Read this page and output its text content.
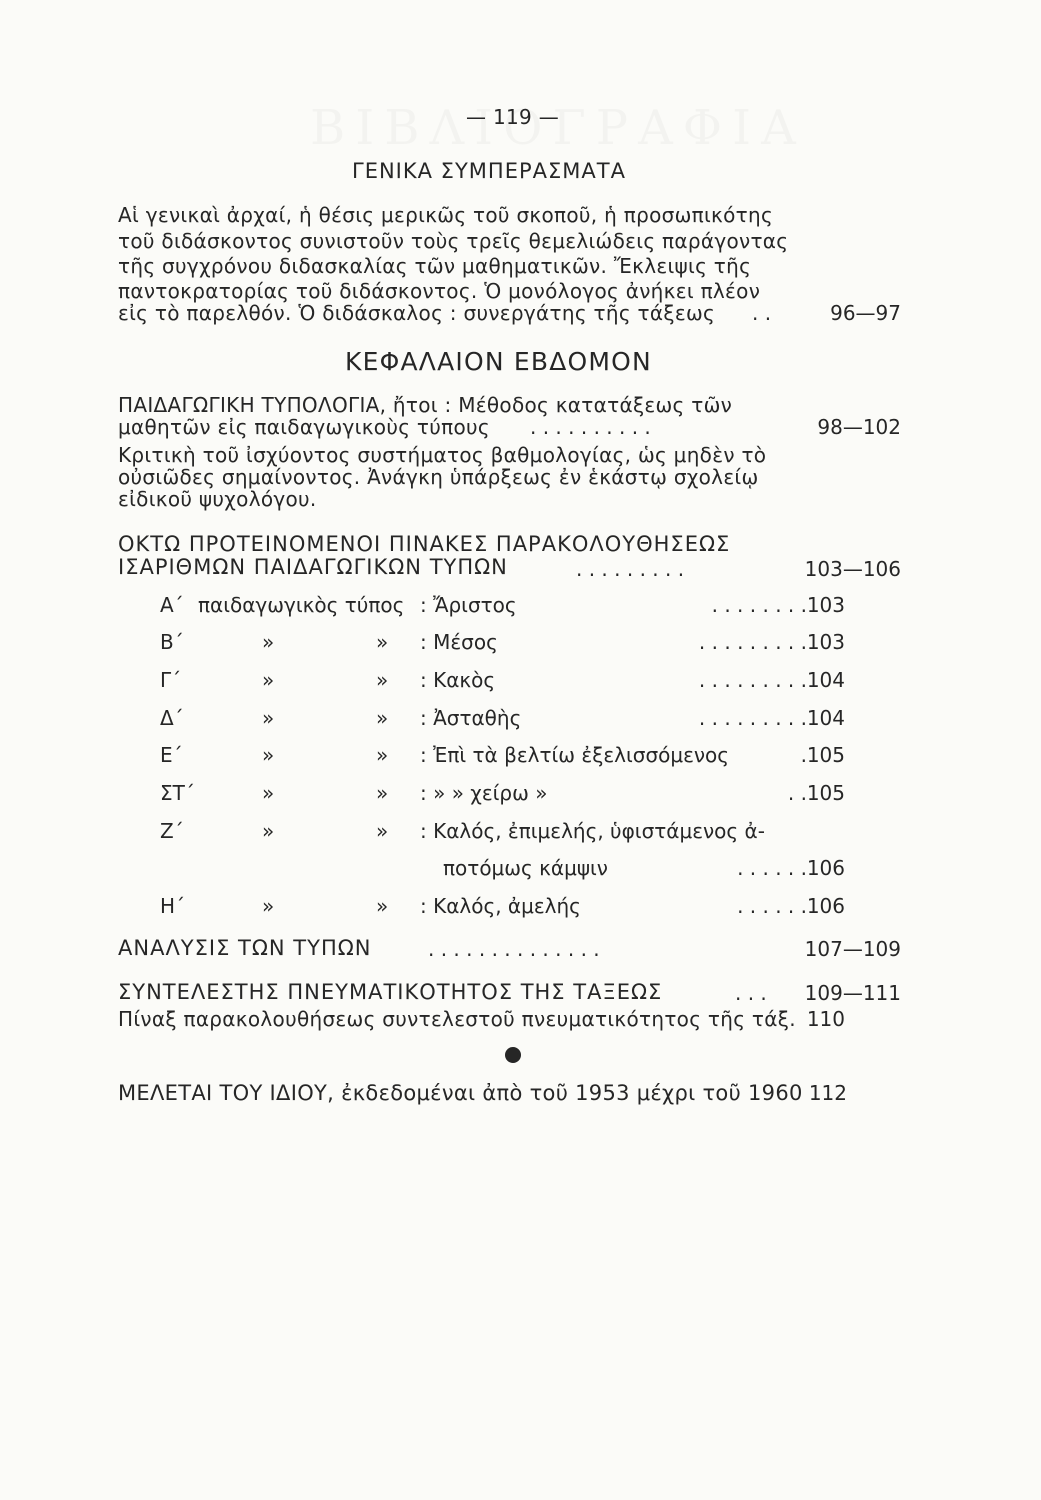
— 119 —
ΓΕΝΙΚΑ ΣΥΜΠΕΡΑΣΜΑΤΑ
Αἱ γενικαὶ ἀρχαί, ἡ θέσις μερικῶς τοῦ σκοποῦ, ἡ προσωπικότης
τοῦ διδάσκοντος συνιστοῦν τοὺς τρεῖς θεμελιώδεις παράγοντας
τῆς συγχρόνου διδασκαλίας τῶν μαθηματικῶν. Ἔκλειψις τῆς
παντοκρατορίας τοῦ διδάσκοντος. Ὁ μονόλογος ἀνήκει πλέον
εἰς τὸ παρελθόν. Ὁ διδάσκαλος : συνεργάτης τῆς τάξεως . .	96—97
ΚΕΦΑΛΑΙΟΝ ΕΒΔΟΜΟΝ
ΠΑΙΔΑΓΩΓΙΚΗ ΤΥΠΟΛΟΓΙΑ, ἤτοι : Μέθοδος κατατάξεως τῶν
μαθητῶν εἰς παιδαγωγικοὺς τύπους . . . . . . . . . .	98—102
Κριτικὴ τοῦ ἰσχύοντος συστήματος βαθμολογίας, ὡς μηδὲν τὸ
οὐσιῶδες σημαίνοντος. Ἀνάγκη ὑπάρξεως ἐν ἑκάστῳ σχολείῳ
εἰδικοῦ ψυχολόγου.
ΟΚΤΩ ΠΡΟΤΕΙΝΟΜΕΝΟΙ ΠΙΝΑΚΕΣ ΠΑΡΑΚΟΛΟΥΘΗΣΕΩΣ
ΙΣΑΡΙΘΜΩΝ ΠΑΙΔΑΓΩΓΙΚΩΝ ΤΥΠΩΝ	. . . . . . . . .	103—106
Α΄ παιδαγωγικὸς τύπος : Ἄριστος	. . . . . . . . 103
Β΄	»	» : Μέσος	. . . . . . . . . 103
Γ΄	»	» : Κακὸς	. . . . . . . . . 104
Δ΄	»	» : Ἀσταθὴς	. . . . . . . . . 104
Ε΄	»	» : Ἐπὶ τὰ βελτίω ἐξελισσόμενος	. 105
ΣΤ΄	»	» : » » χείρω »	. . 105
Ζ΄	»	» : Καλός, ἐπιμελής, ὑφιστάμενος ἀ-
ποτόμως κάμψιν	. . . . . . 106
Η΄	»	» : Καλός, ἀμελής	. . . . . . 106
ΑΝΑΛΥΣΙΣ ΤΩΝ ΤΥΠΩΝ	. . . . . . . . . . . . . .	107—109
ΣΥΝΤΕΛΕΣΤΗΣ ΠΝΕΥΜΑΤΙΚΟΤΗΤΟΣ ΤΗΣ ΤΑΞΕΩΣ	. . . 109—111
Πίναξ παρακολουθήσεως συντελεστοῦ πνευματικότητος τῆς τάξ. 110
ΜΕΛΕΤΑΙ ΤΟΥ ΙΔΙΟΥ, ἐκδεδομέναι ἀπὸ τοῦ 1953 μέχρι τοῦ 1960 112
